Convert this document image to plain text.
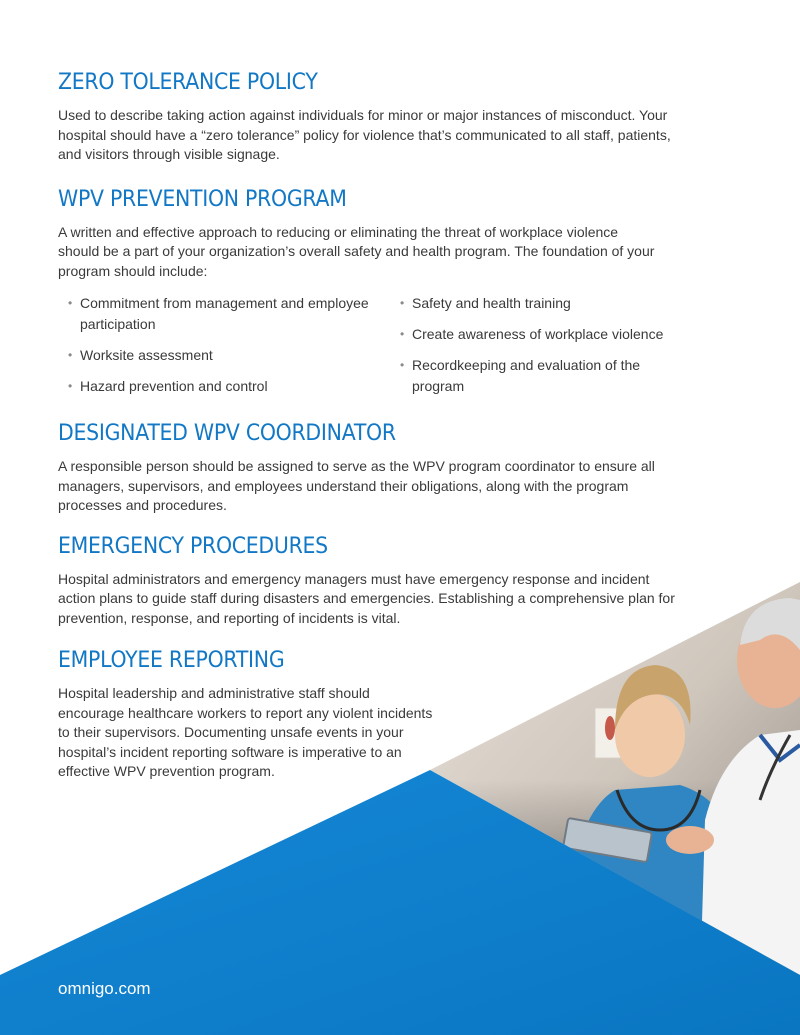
ZERO TOLERANCE POLICY

Used to describe taking action against individuals for minor or major instances of misconduct. Your hospital should have a “zero tolerance” policy for violence that’s communicated to all staff, patients, and visitors through visible signage.

WPV PREVENTION PROGRAM

A written and effective approach to reducing or eliminating the threat of workplace violence should be a part of your organization’s overall safety and health program. The foundation of your program should include:

• Commitment from management and employee participation
• Worksite assessment
• Hazard prevention and control
• Safety and health training
• Create awareness of workplace violence
• Recordkeeping and evaluation of the program
DESIGNATED WPV COORDINATOR

A responsible person should be assigned to serve as the WPV program coordinator to ensure all managers, supervisors, and employees understand their obligations, along with the program processes and procedures.

EMERGENCY PROCEDURES

Hospital administrators and emergency managers must have emergency response and incident action plans to guide staff during disasters and emergencies. Establishing a comprehensive plan for prevention, response, and reporting of incidents is vital.

EMPLOYEE REPORTING

Hospital leadership and administrative staff should encourage healthcare workers to report any violent incidents to their supervisors. Documenting unsafe events in your hospital’s incident reporting software is imperative to an effective WPV prevention program.

omnigo.com
